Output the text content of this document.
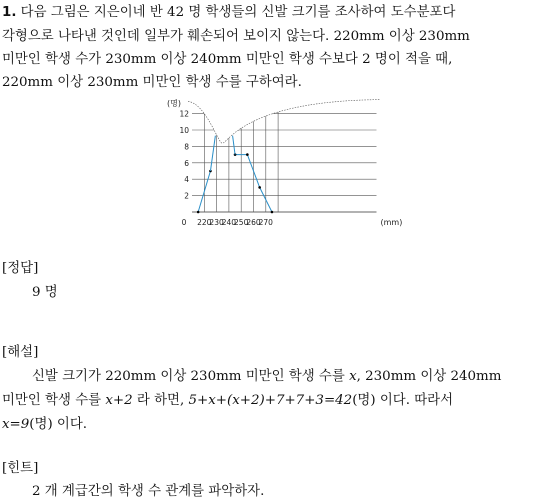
1. 다음 그림은 지은이네 반 42 명 학생들의 신발 크기를 조사하여 도수분포다
각형으로 나타낸 것인데 일부가 훼손되어 보이지 않는다. 220mm 이상 230mm
미만인 학생 수가 230mm 이상 240mm 미만인 학생 수보다 2 명이 적을 때,
220mm 이상 230mm 미만인 학생 수를 구하여라.
2
4
6
8
10
12
0 220
230
240
250
260
270
(명)
(mm)
[정답]
9 명
[해설]
신발 크기가 220mm 이상 230mm 미만인 학생 수를 x, 230mm 이상 240mm
미만인 학생 수를 x+2 라 하면, 5+x+(x+2)+7+7+3=42(명) 이다. 따라서
x=9(명) 이다.
[힌트]
2 개 계급간의 학생 수 관계를 파악하자.
